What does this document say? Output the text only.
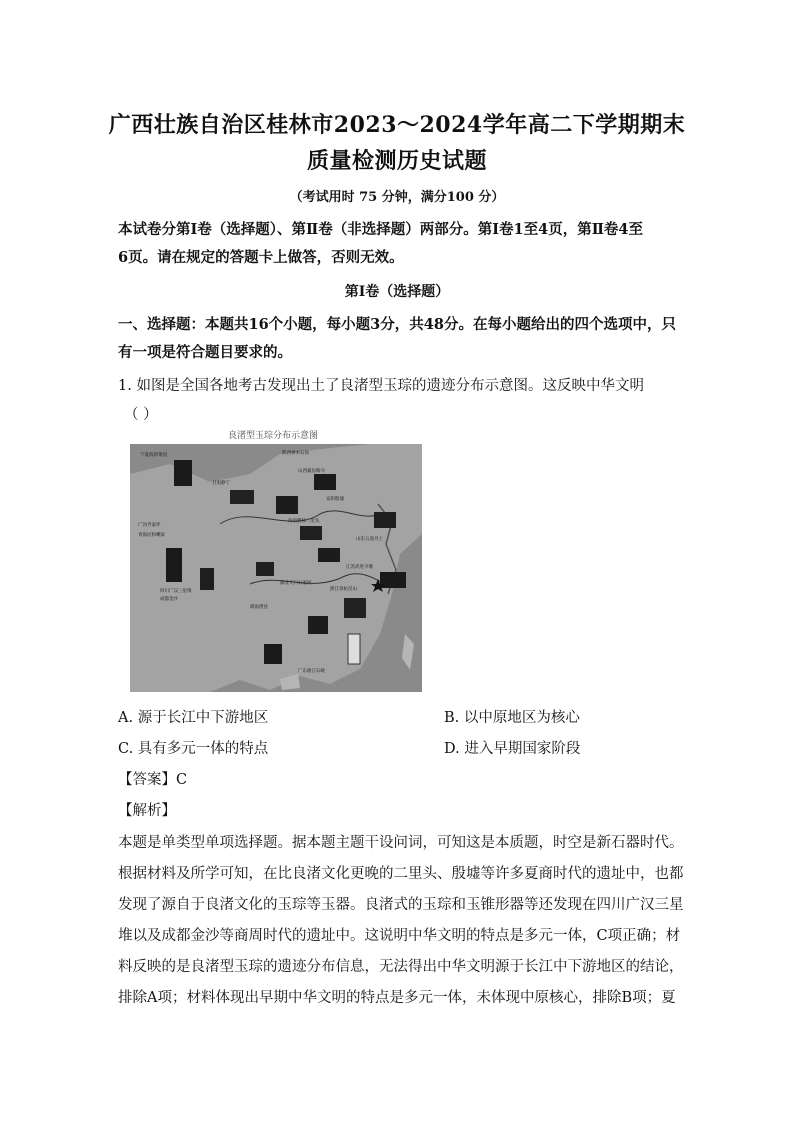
广西壮族自治区桂林市2023～2024学年高二下学期期末
质量检测历史试题
（考试用时 75 分钟，满分100 分）
本试卷分第Ⅰ卷（选择题）、第Ⅱ卷（非选择题）两部分。第Ⅰ卷1至4页，第Ⅱ卷4至
6页。请在规定的答题卡上做答，否则无效。
第Ⅰ卷（选择题）
一、选择题：本题共16个小题，每小题3分，共48分。在每小题给出的四个选项中，只
有一项是符合题目要求的。
1. 如图是全国各地考古发现出土了良渚型玉琮的遗迹分布示意图。这反映中华文明
（ ）
良渚型玉琮分布示意图
宁夏海原菜园	陕西神木石峁
山西襄汾陶寺
甘肃静宁
广河齐家坪
青海民和喇家
四川广汉三星堆
成都金沙
河南偃师二里头
安阳殷墟
山东五莲丹土
江苏武进寺墩
浙江余杭反山
湖北天门石家河
广东曲江石峡
湖南澧县
A. 源于长江中下游地区	B. 以中原地区为核心
C. 具有多元一体的特点	D. 进入早期国家阶段
【答案】C
【解析】
本题是单类型单项选择题。据本题主题干设问词，可知这是本质题，时空是新石器时代。
根据材料及所学可知，在比良渚文化更晚的二里头、殷墟等许多夏商时代的遗址中，也都
发现了源自于良渚文化的玉琮等玉器。良渚式的玉琮和玉锥形器等还发现在四川广汉三星
堆以及成都金沙等商周时代的遗址中。这说明中华文明的特点是多元一体，C项正确；材
料反映的是良渚型玉琮的遗迹分布信息，无法得出中华文明源于长江中下游地区的结论，
排除A项；材料体现出早期中华文明的特点是多元一体，未体现中原核心，排除B项；夏
